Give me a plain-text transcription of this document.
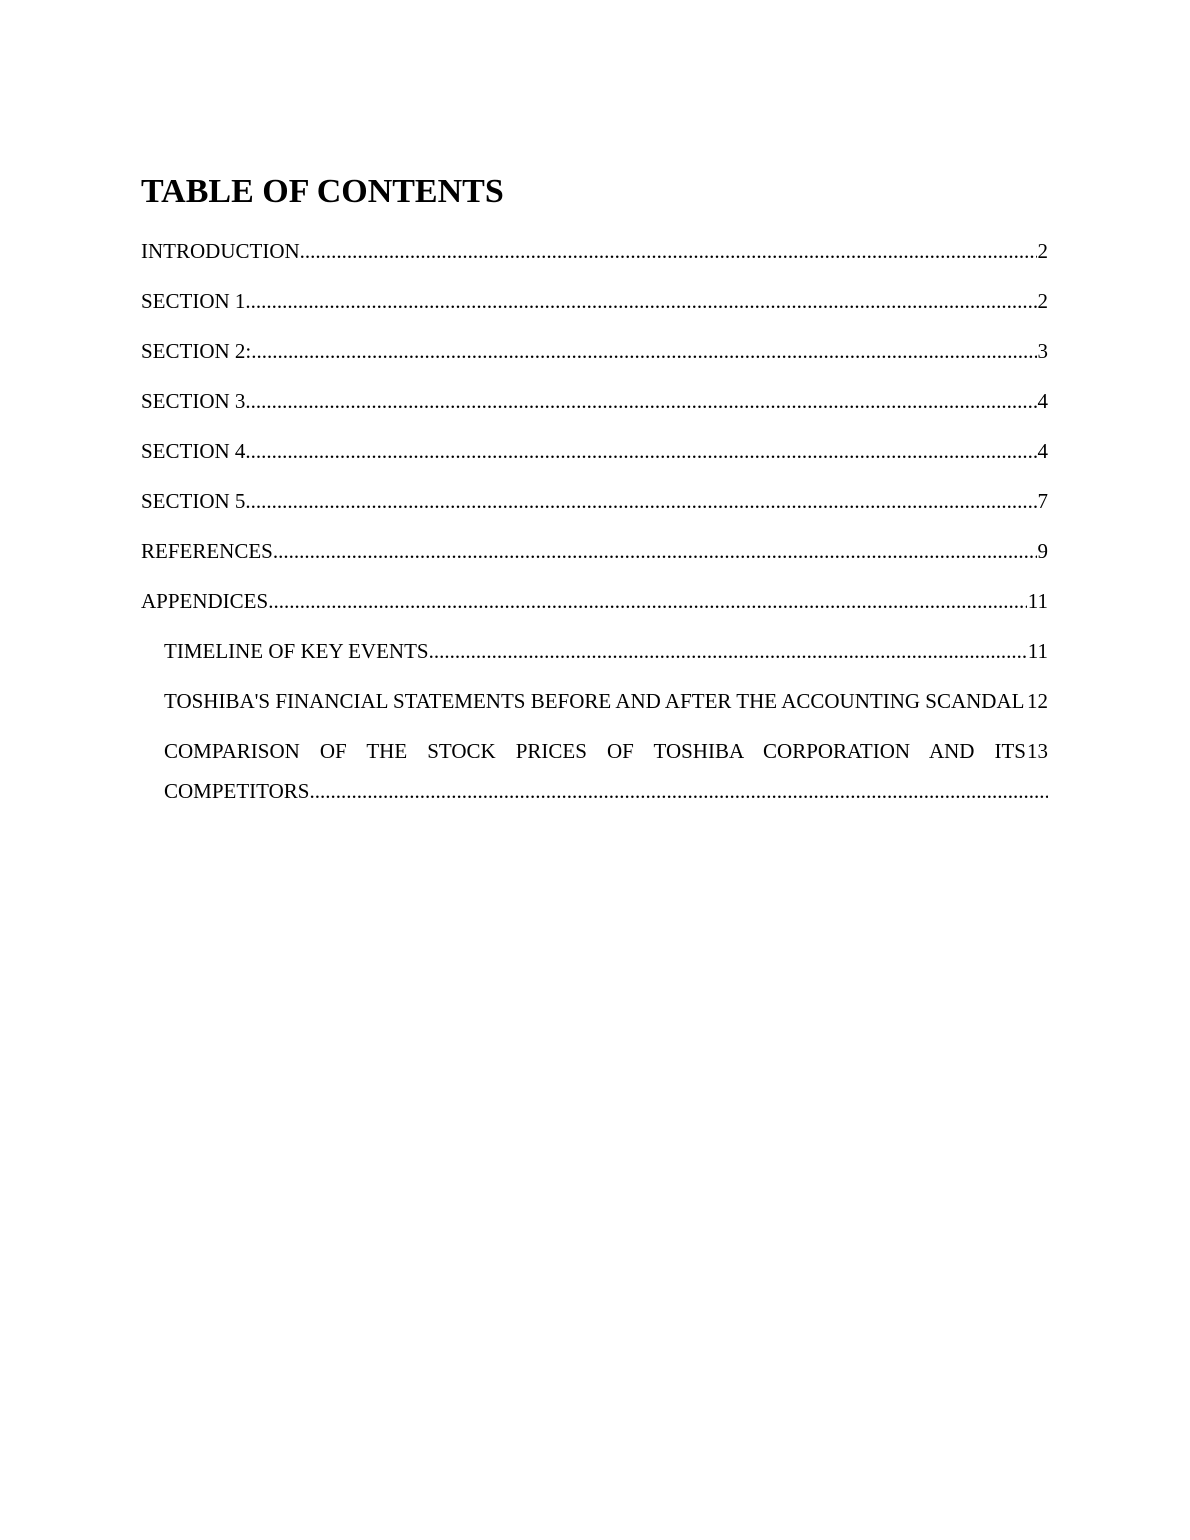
TABLE OF CONTENTS
2
INTRODUCTION .....
2
SECTION 1 .....
3
SECTION 2: .....
4
SECTION 3 .....
4
SECTION 4 .....
7
SECTION 5 .....
9
REFERENCES .....
11
APPENDICES .....
11
TIMELINE OF KEY EVENTS .....
12
TOSHIBA'S FINANCIAL STATEMENTS BEFORE AND AFTER THE ACCOUNTING SCANDAL .....
13
COMPARISON OF THE STOCK PRICES OF TOSHIBA CORPORATION AND ITS COMPETITORS .....
